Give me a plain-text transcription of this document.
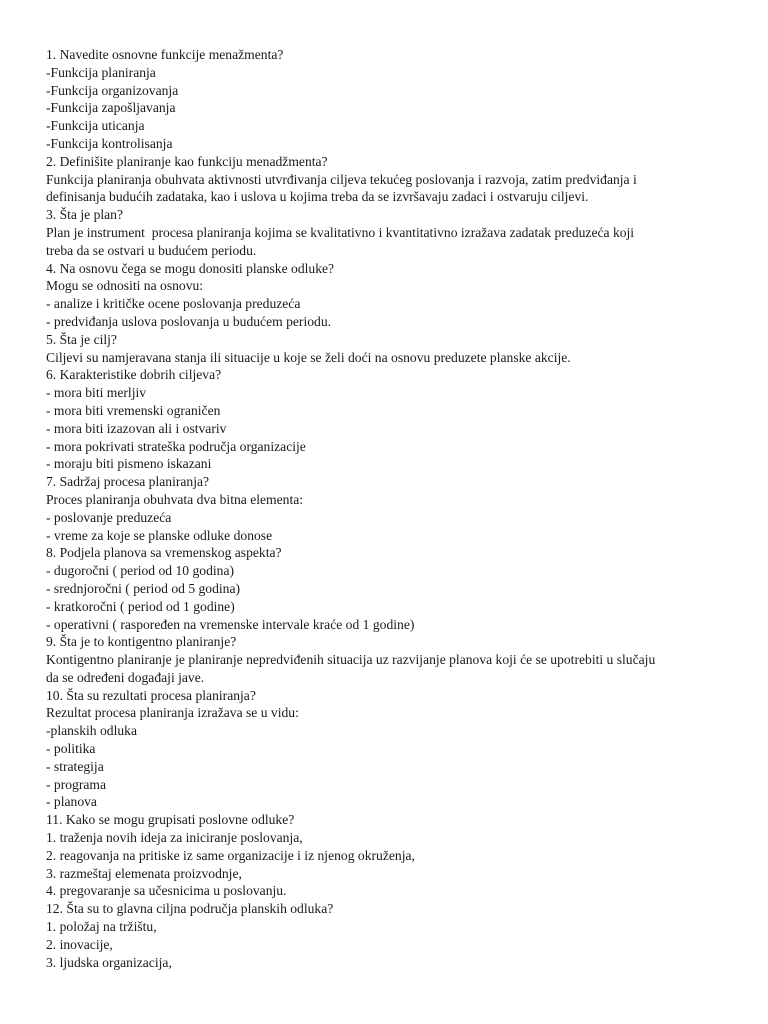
1. Navedite osnovne funkcije menažmenta?
-Funkcija planiranja
-Funkcija organizovanja
-Funkcija zapošljavanja
-Funkcija uticanja
-Funkcija kontrolisanja
2. Definišite planiranje kao funkciju menadžmenta?
Funkcija planiranja obuhvata aktivnosti utvrđivanja ciljeva tekućeg poslovanja i razvoja, zatim predviđanja i
definisanja budućih zadataka, kao i uslova u kojima treba da se izvršavaju zadaci i ostvaruju ciljevi.
3. Šta je plan?
Plan je instrument  procesa planiranja kojima se kvalitativno i kvantitativno izražava zadatak preduzeća koji
treba da se ostvari u budućem periodu.
4. Na osnovu čega se mogu donositi planske odluke?
Mogu se odnositi na osnovu:
- analize i kritičke ocene poslovanja preduzeća
- predviđanja uslova poslovanja u budućem periodu.
5. Šta je cilj?
Ciljevi su namjeravana stanja ili situacije u koje se želi doći na osnovu preduzete planske akcije.
6. Karakteristike dobrih ciljeva?
- mora biti merljiv
- mora biti vremenski ograničen
- mora biti izazovan ali i ostvariv
- mora pokrivati strateška područja organizacije
- moraju biti pismeno iskazani
7. Sadržaj procesa planiranja?
Proces planiranja obuhvata dva bitna elementa:
- poslovanje preduzeća
- vreme za koje se planske odluke donose
8. Podjela planova sa vremenskog aspekta?
- dugoročni ( period od 10 godina)
- srednjoročni ( period od 5 godina)
- kratkoročni ( period od 1 godine)
- operativni ( raspoređen na vremenske intervale kraće od 1 godine)
9. Šta je to kontigentno planiranje?
Kontigentno planiranje je planiranje nepredviđenih situacija uz razvijanje planova koji će se upotrebiti u slučaju
da se određeni događaji jave.
10. Šta su rezultati procesa planiranja?
Rezultat procesa planiranja izražava se u vidu:
-planskih odluka
- politika
- strategija
- programa
- planova
11. Kako se mogu grupisati poslovne odluke?
1. traženja novih ideja za iniciranje poslovanja,
2. reagovanja na pritiske iz same organizacije i iz njenog okruženja,
3. razmeštaj elemenata proizvodnje,
4. pregovaranje sa učesnicima u poslovanju.
12. Šta su to glavna ciljna područja planskih odluka?
1. položaj na tržištu,
2. inovacije,
3. ljudska organizacija,
